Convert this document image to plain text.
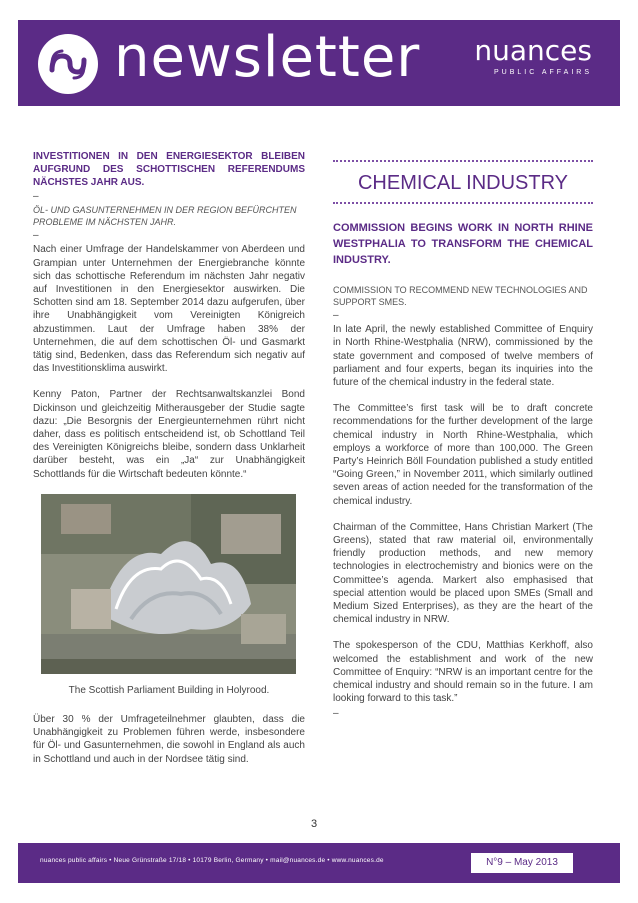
newsletter nuances
PUBLIC AFFAIRS
INVESTITIONEN IN DEN ENERGIESEKTOR BLEIBEN AUFGRUND DES SCHOTTISCHEN REFERENDUMS NÄCHSTES JAHR AUS.
–
ÖL- UND GASUNTERNEHMEN IN DER REGION BEFÜRCHTEN PROBLEME IM NÄCHSTEN JAHR.
–

Nach einer Umfrage der Handelskammer von Aberdeen und Grampian unter Unternehmen der Energiebranche könnte sich das schottische Referendum im nächsten Jahr negativ auf Investitionen in den Energiesektor auswirken. Die Schotten sind am 18. September 2014 dazu aufgerufen, über ihre Unabhängigkeit vom Vereinigten Königreich abzustimmen. Laut der Umfrage haben 38% der Unternehmen, die auf dem schottischen Öl- und Gasmarkt tätig sind, Bedenken, dass das Referendum sich negativ auf das Investitionsklima auswirkt.

Kenny Paton, Partner der Rechtsanwaltskanzlei Bond Dickinson und gleichzeitig Mitherausgeber der Studie sagte dazu: „Die Besorgnis der Energieunternehmen rührt nicht daher, dass es politisch entscheidend ist, ob Schottland Teil des Vereinigten Königreichs bleibe, sondern dass Unklarheit darüber besteht, was ein „Ja“ zur Unabhängigkeit Schottlands für die Wirtschaft bedeuten könnte.“

The Scottish Parliament Building in Holyrood.

Über 30 % der Umfrageteilnehmer glaubten, dass die Unabhängigkeit zu Problemen führen werde, insbesondere für Öl- und Gasunternehmen, die sowohl in England als auch in Schottland und auch in der Nordsee tätig sind.

CHEMICAL INDUSTRY
COMMISSION BEGINS WORK IN NORTH RHINE WESTPHALIA TO TRANSFORM THE CHEMICAL INDUSTRY.
COMMISSION TO RECOMMEND NEW TECHNOLOGIES AND SUPPORT SMES.
–

In late April, the newly established Committee of Enquiry in North Rhine-Westphalia (NRW), commissioned by the state government and composed of twelve members of parliament and four experts, began its inquiries into the future of the chemical industry in the federal state.

The Committee’s first task will be to draft concrete recommendations for the further development of the large chemical industry in North Rhine-Westphalia, which employs a workforce of more than 100,000. The Green Party’s Heinrich Böll Foundation published a study entitled “Going Green,” in November 2011, which similarly outlined seven areas of action needed for the transformation of the chemical industry.

Chairman of the Committee, Hans Christian Markert (The Greens), stated that raw material oil, environmentally friendly production methods, and new memory technologies in electrochemistry and bionics were on the Committee’s agenda. Markert also emphasised that special attention would be placed upon SMEs (Small and Medium Sized Enterprises), as they are the heart of the chemical industry in NRW.

The spokesperson of the CDU, Matthias Kerkhoff, also welcomed the establishment and work of the new Committee of Enquiry: “NRW is an important centre for the chemical industry and should remain so in the future. I am looking forward to this task.”

–
3
nuances public affairs • Neue Grünstraße 17/18 • 10179 Berlin, Germany • mail@nuances.de • www.nuances.de	N°9 – May 2013
